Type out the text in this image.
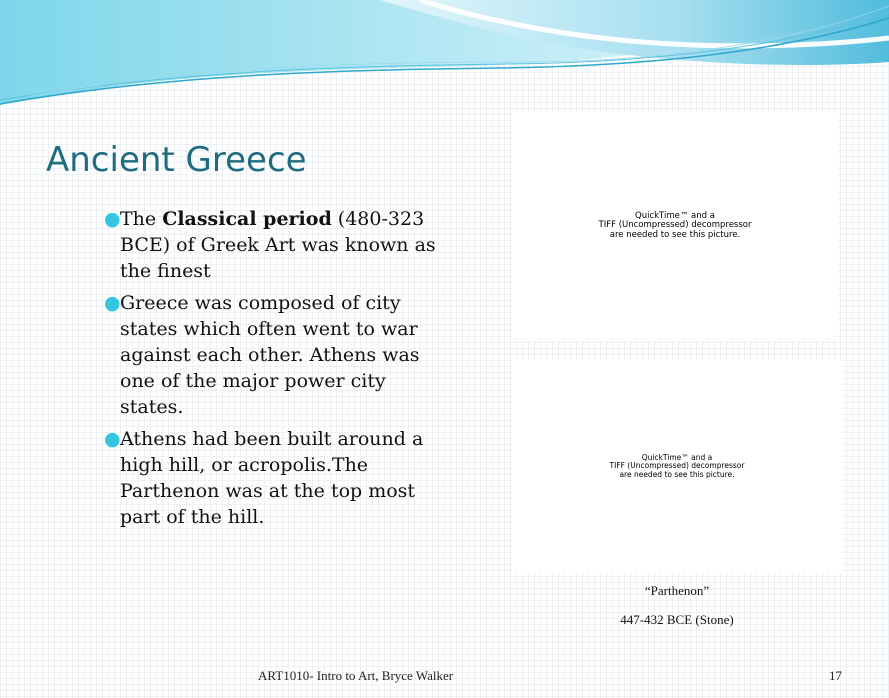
Ancient Greece
● The Classical period (480-323 BCE) of Greek Art was known as the finest
● Greece was composed of city states which often went to war against each other. Athens was one of the major power city states.
● Athens had been built around a high hill, or acropolis.The Parthenon was at the top most part of the hill.
QuickTime™ and a
TIFF (Uncompressed) decompressor
are needed to see this picture.
QuickTime™ and a
TIFF (Uncompressed) decompressor
are needed to see this picture.
“Parthenon”
447-432 BCE (Stone)
ART1010- Intro to Art, Bryce Walker	17
